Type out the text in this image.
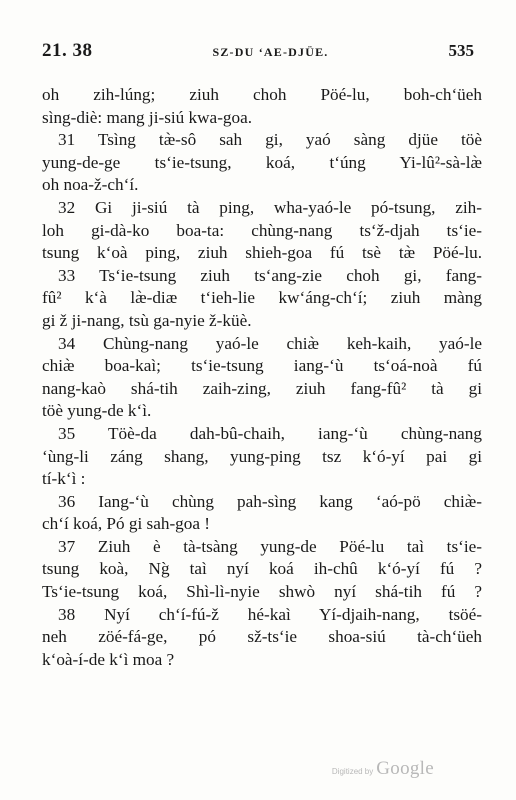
21. 38	SZ-DU ‘AE-DJÜE.	535
oh zih-lúng; ziuh choh Pöé-lu, boh-ch‘üeh
sìng-diè: mang ji-siú kwa-goa.
31 Tsìng tæ̀-sô sah gi, yaó sàng djüe töè
yung-de-ge ts‘ie-tsung, koá, t‘úng Yi-lû²-sà-læ̀
oh noa-ž-ch‘í.
32 Gi ji-siú tà ping, wha-yaó-le pó-tsung, zih-
loh gi-dà-ko boa-ta: chùng-nang ts‘ž-djah ts‘ie-
tsung k‘oà ping, ziuh shieh-goa fú tsè tæ̀ Pöé-lu.
33 Ts‘ie-tsung ziuh ts‘ang-zie choh gi, fang-
fû² k‘à læ̀-diæ t‘ieh-lie kw‘áng-ch‘í; ziuh màng
gi ž ji-nang, tsù ga-nyie ž-küè.
34 Chùng-nang yaó-le chiæ̀ keh-kaih, yaó-le
chiæ̀ boa-kaì; ts‘ie-tsung iang-‘ù ts‘oá-noà fú
nang-kaò shá-tih zaih-zing, ziuh fang-fû² tà gi
töè yung-de k‘ì.
35 Töè-da dah-bû-chaih, iang-‘ù chùng-nang
‘ùng-li záng shang, yung-ping tsz k‘ó-yí pai gi
tí-k‘ì :
36 Iang-‘ù chùng pah-sìng kang ‘aó-pö chiæ̀-
ch‘í koá, Pó gi sah-goa !
37 Ziuh è tà-tsàng yung-de Pöé-lu taì ts‘ie-
tsung koà, Ng̀ taì nyí koá ih-chû k‘ó-yí fú ?
Ts‘ie-tsung koá, Shì-lì-nyie shwò nyí shá-tih fú ?
38 Nyí ch‘í-fú-ž hé-kaì Yí-djaih-nang, tsöé-
neh zöé-fá-ge, pó sž-ts‘ie shoa-siú tà-ch‘üeh
k‘oà-í-de k‘ì moa ?
Digitized by Google
